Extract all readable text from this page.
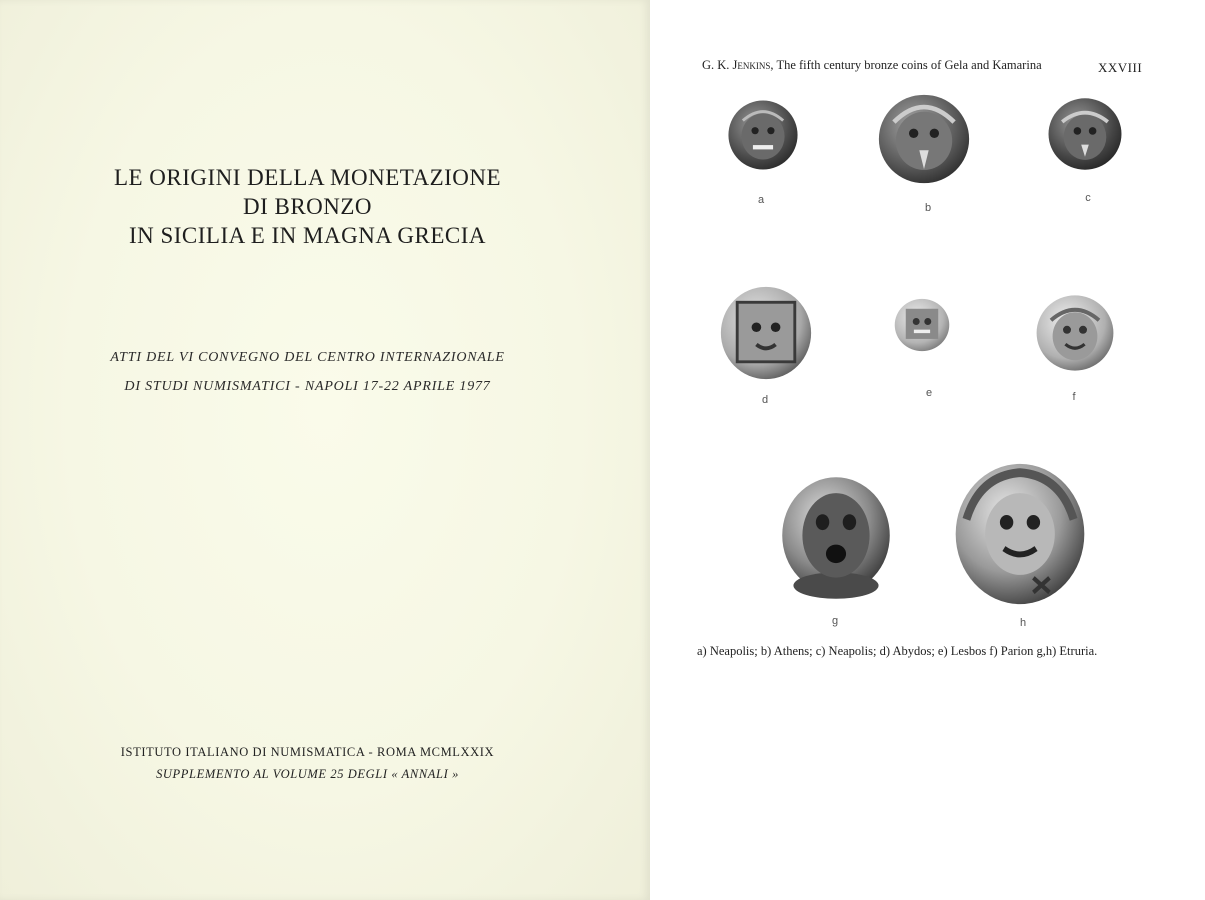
LE ORIGINI DELLA MONETAZIONE
DI BRONZO
IN SICILIA E IN MAGNA GRECIA
ATTI DEL VI CONVEGNO DEL CENTRO INTERNAZIONALE
DI STUDI NUMISMATICI - NAPOLI 17-22 APRILE 1977
ISTITUTO ITALIANO DI NUMISMATICA - ROMA MCMLXXIX
SUPPLEMENTO AL VOLUME 25 DEGLI « ANNALI »
G. K. Jenkins, The fifth century bronze coins of Gela and Kamarina	XXVIII
a
b
c
d
e	f
g	h
a) Neapolis; b) Athens; c) Neapolis; d) Abydos; e) Lesbos f) Parion g,h) Etruria.
